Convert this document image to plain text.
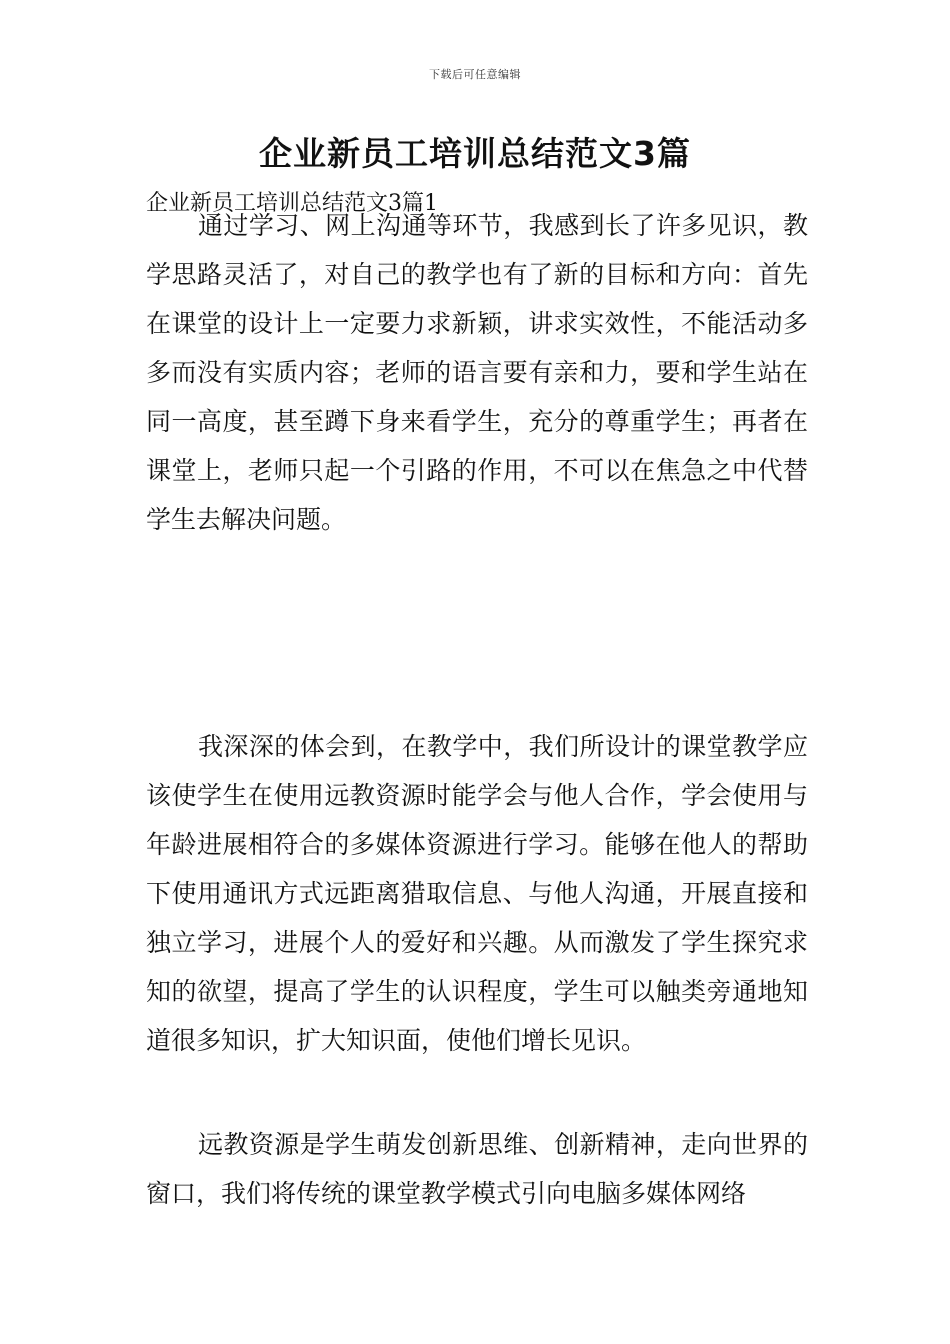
下载后可任意编辑
企业新员工培训总结范文3篇
企业新员工培训总结范文3篇1

通过学习、网上沟通等环节，我感到长了许多见识，教学思路灵活了，对自己的教学也有了新的目标和方向：首先在课堂的设计上一定要力求新颖，讲求实效性，不能活动多多而没有实质内容；老师的语言要有亲和力，要和学生站在同一高度，甚至蹲下身来看学生，充分的尊重学生；再者在课堂上，老师只起一个引路的作用，不可以在焦急之中代替学生去解决问题。

我深深的体会到，在教学中，我们所设计的课堂教学应该使学生在使用远教资源时能学会与他人合作，学会使用与年龄进展相符合的多媒体资源进行学习。能够在他人的帮助下使用通讯方式远距离猎取信息、与他人沟通，开展直接和独立学习，进展个人的爱好和兴趣。从而激发了学生探究求知的欲望，提高了学生的认识程度，学生可以触类旁通地知道很多知识，扩大知识面，使他们增长见识。

远教资源是学生萌发创新思维、创新精神，走向世界的窗口，我们将传统的课堂教学模式引向电脑多媒体网络
